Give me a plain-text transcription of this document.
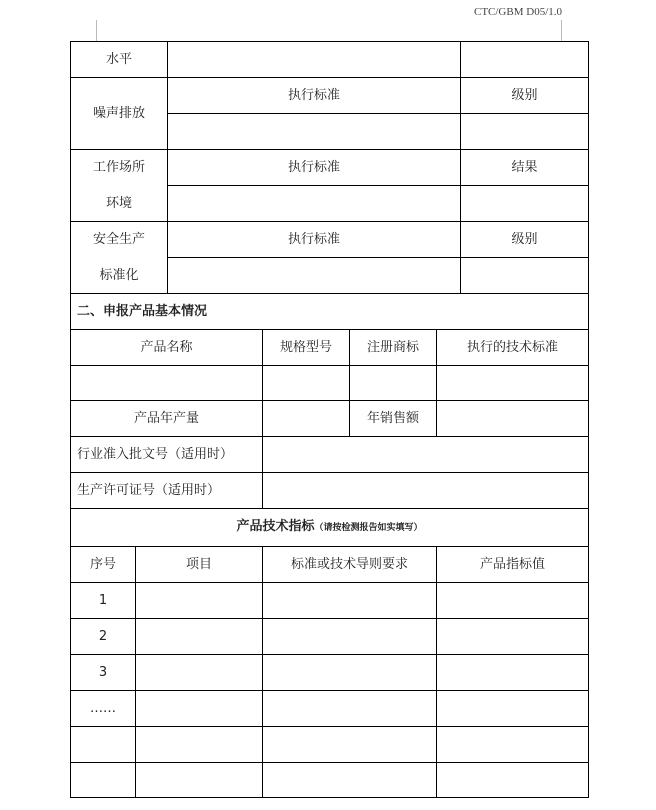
CTC/GBM D05/1.0
水平						
噪声排放		执行标准				级别

工作场所		执行标准				结果
环境						
安全生产		执行标准				级别
标准化						
二、申报产品基本情况						
产品名称			规格型号	注册商标	执行的技术标准	

产品年产量				年销售额		
行业准入批文号（适用时）						
生产许可证号（适用时）						
产品技术指标（请按检测报告如实填写）						
序号	项目		标准或技术导则要求		产品指标值	
1						
2						
3						
……						
